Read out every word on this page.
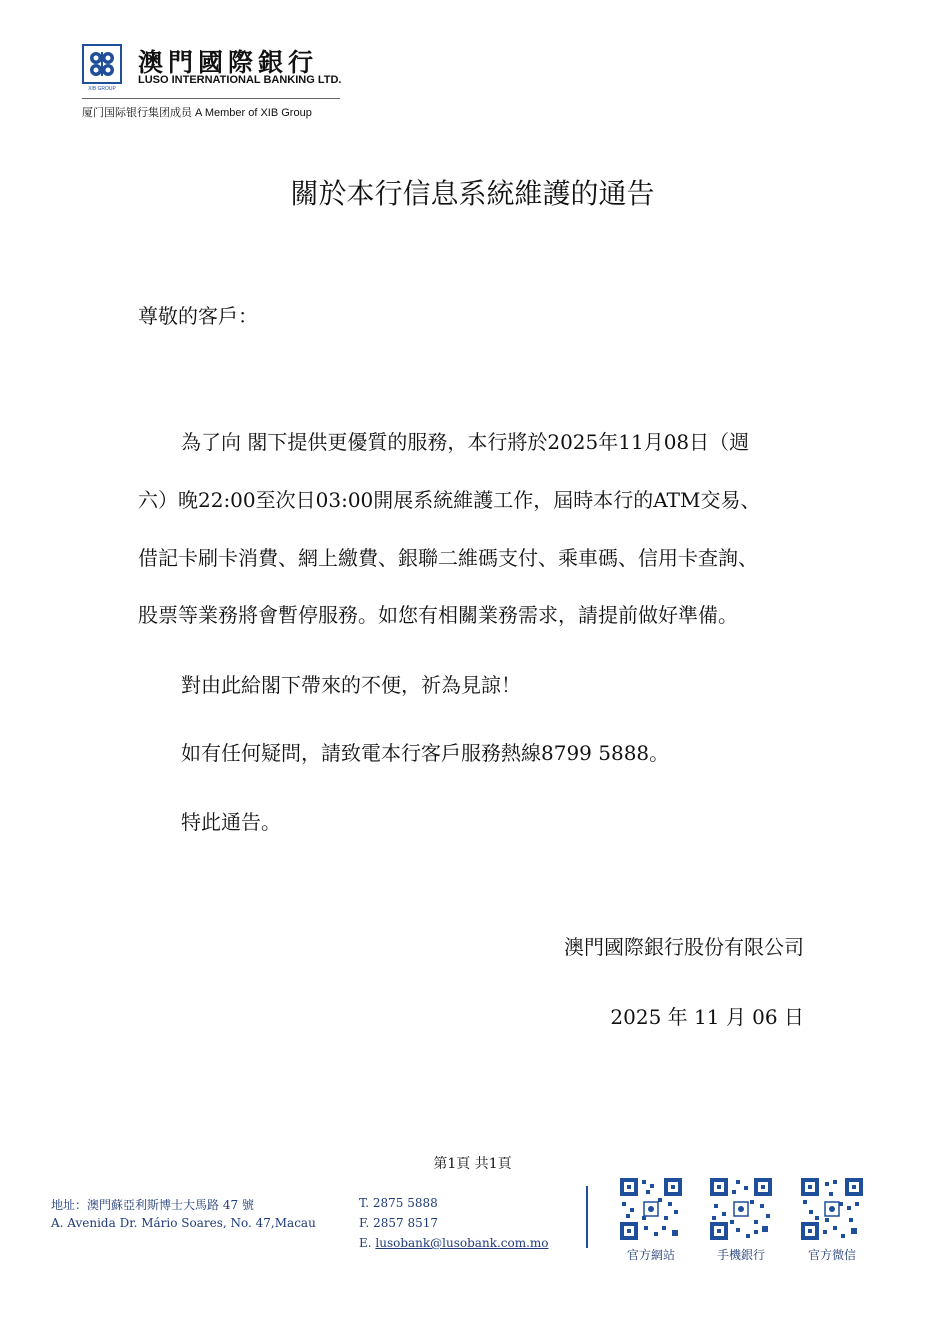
XIB GROUP
澳門國際銀行
LUSO INTERNATIONAL BANKING LTD.
厦门国际银行集团成员 A Member of XIB Group
關於本行信息系統維護的通告
尊敬的客戶：
為了向 閣下提供更優質的服務，本行將於2025年11月08日（週
六）晚22:00至次日03:00開展系統維護工作，屆時本行的ATM交易、
借記卡刷卡消費、網上繳費、銀聯二維碼支付、乘車碼、信用卡查詢、
股票等業務將會暫停服務。如您有相關業務需求，請提前做好準備。
對由此給閣下帶來的不便，祈為見諒！
如有任何疑問，請致電本行客戶服務熱線8799 5888。
特此通告。
澳門國際銀行股份有限公司
2025 年 11 月 06 日
第1頁 共1頁
地址：澳門蘇亞利斯博士大馬路 47 號
A. Avenida Dr. Mário Soares, No. 47,Macau
T. 2875 5888
F. 2857 8517
E. lusobank@lusobank.com.mo
官方網站	手機銀行	官方微信
